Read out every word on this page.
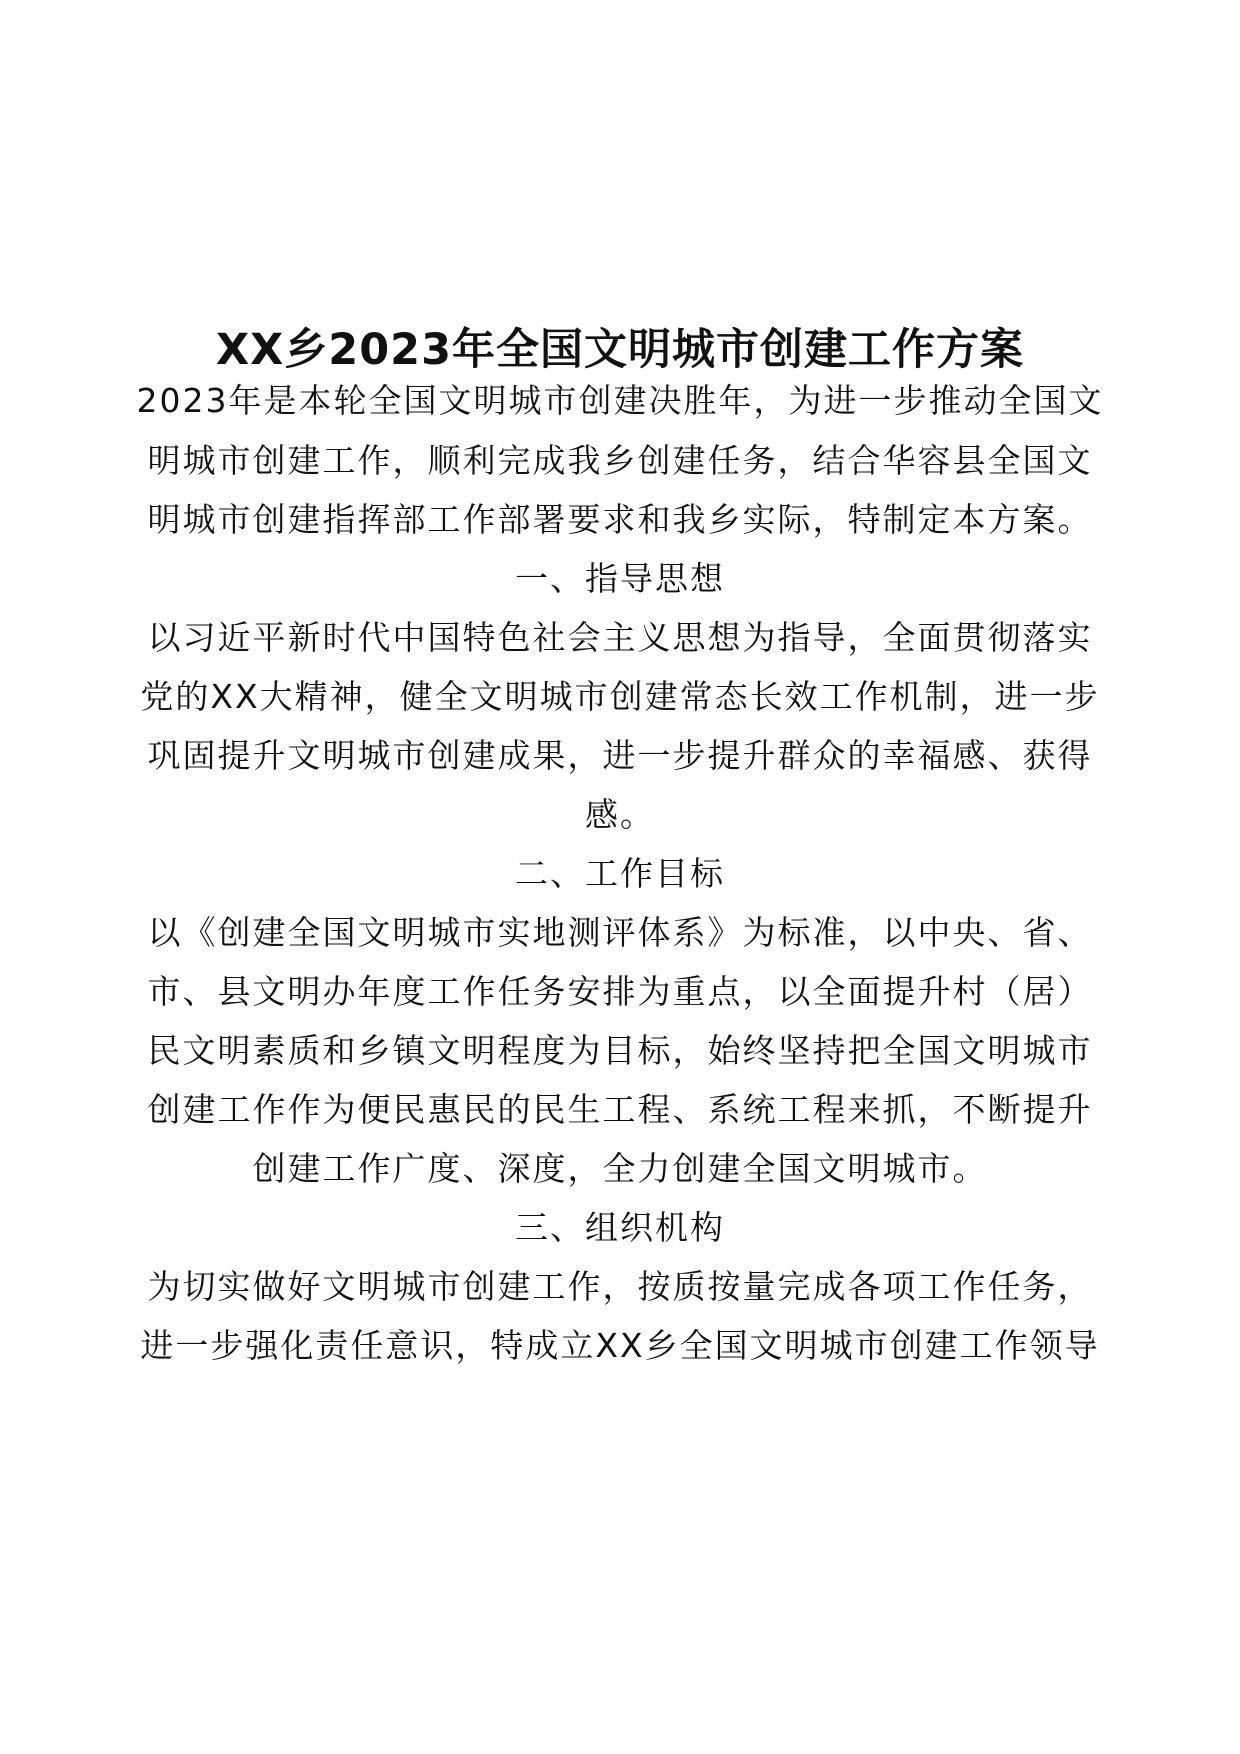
XX乡2023年全国文明城市创建工作方案
2023年是本轮全国文明城市创建决胜年，为进一步推动全国文
明城市创建工作，顺利完成我乡创建任务，结合华容县全国文
明城市创建指挥部工作部署要求和我乡实际，特制定本方案。
一、指导思想
以习近平新时代中国特色社会主义思想为指导，全面贯彻落实
党的XX大精神，健全文明城市创建常态长效工作机制，进一步
巩固提升文明城市创建成果，进一步提升群众的幸福感、获得
感。
二、工作目标
以《创建全国文明城市实地测评体系》为标准，以中央、省、
市、县文明办年度工作任务安排为重点，以全面提升村（居）
民文明素质和乡镇文明程度为目标，始终坚持把全国文明城市
创建工作作为便民惠民的民生工程、系统工程来抓，不断提升
创建工作广度、深度，全力创建全国文明城市。
三、组织机构
为切实做好文明城市创建工作，按质按量完成各项工作任务，
进一步强化责任意识，特成立XX乡全国文明城市创建工作领导
